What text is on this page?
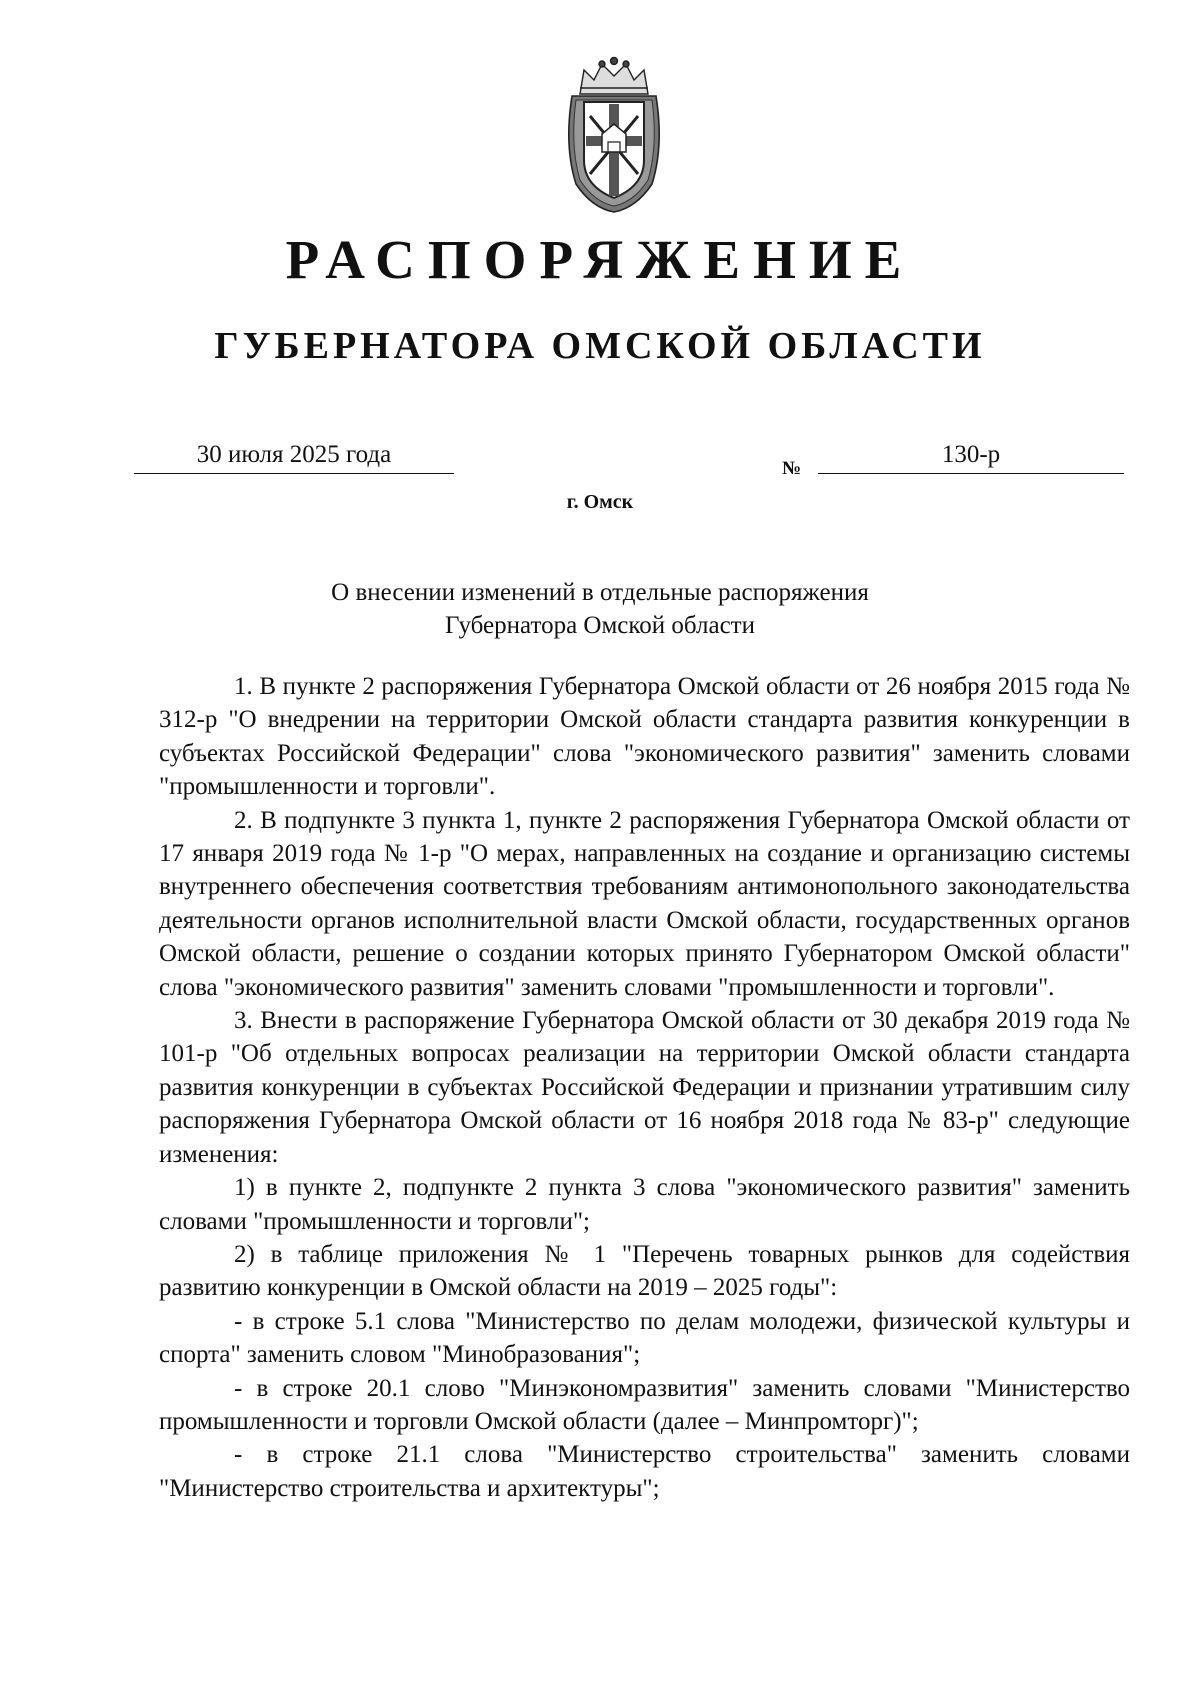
РАСПОРЯЖЕНИЕ
ГУБЕРНАТОРА ОМСКОЙ ОБЛАСТИ
30 июля 2025 года
№
130-р
г. Омск
О внесении изменений в отдельные распоряжения
Губернатора Омской области

1. В пункте 2 распоряжения Губернатора Омской области от 26 ноября 2015 года № 312-р "О внедрении на территории Омской области стандарта развития конкуренции в субъектах Российской Федерации" слова "экономического развития" заменить словами "промышленности и торговли".

2. В подпункте 3 пункта 1, пункте 2 распоряжения Губернатора Омской области от 17 января 2019 года № 1-р "О мерах, направленных на создание и организацию системы внутреннего обеспечения соответствия требованиям антимонопольного законодательства деятельности органов исполнительной власти Омской области, государственных органов Омской области, решение о создании которых принято Губернатором Омской области" слова "экономического развития" заменить словами "промышленности и торговли".

3. Внести в распоряжение Губернатора Омской области от 30 декабря 2019 года № 101-р "Об отдельных вопросах реализации на территории Омской области стандарта развития конкуренции в субъектах Российской Федерации и признании утратившим силу распоряжения Губернатора Омской области от 16 ноября 2018 года № 83-р" следующие изменения:

1) в пункте 2, подпункте 2 пункта 3 слова "экономического развития" заменить словами "промышленности и торговли";

2) в таблице приложения № 1 "Перечень товарных рынков для содействия развитию конкуренции в Омской области на 2019 – 2025 годы":

- в строке 5.1 слова "Министерство по делам молодежи, физической культуры и спорта" заменить словом "Минобразования";

- в строке 20.1 слово "Минэкономразвития" заменить словами "Министерство промышленности и торговли Омской области (далее – Минпромторг)";

- в строке 21.1 слова "Министерство строительства" заменить словами "Министерство строительства и архитектуры";
